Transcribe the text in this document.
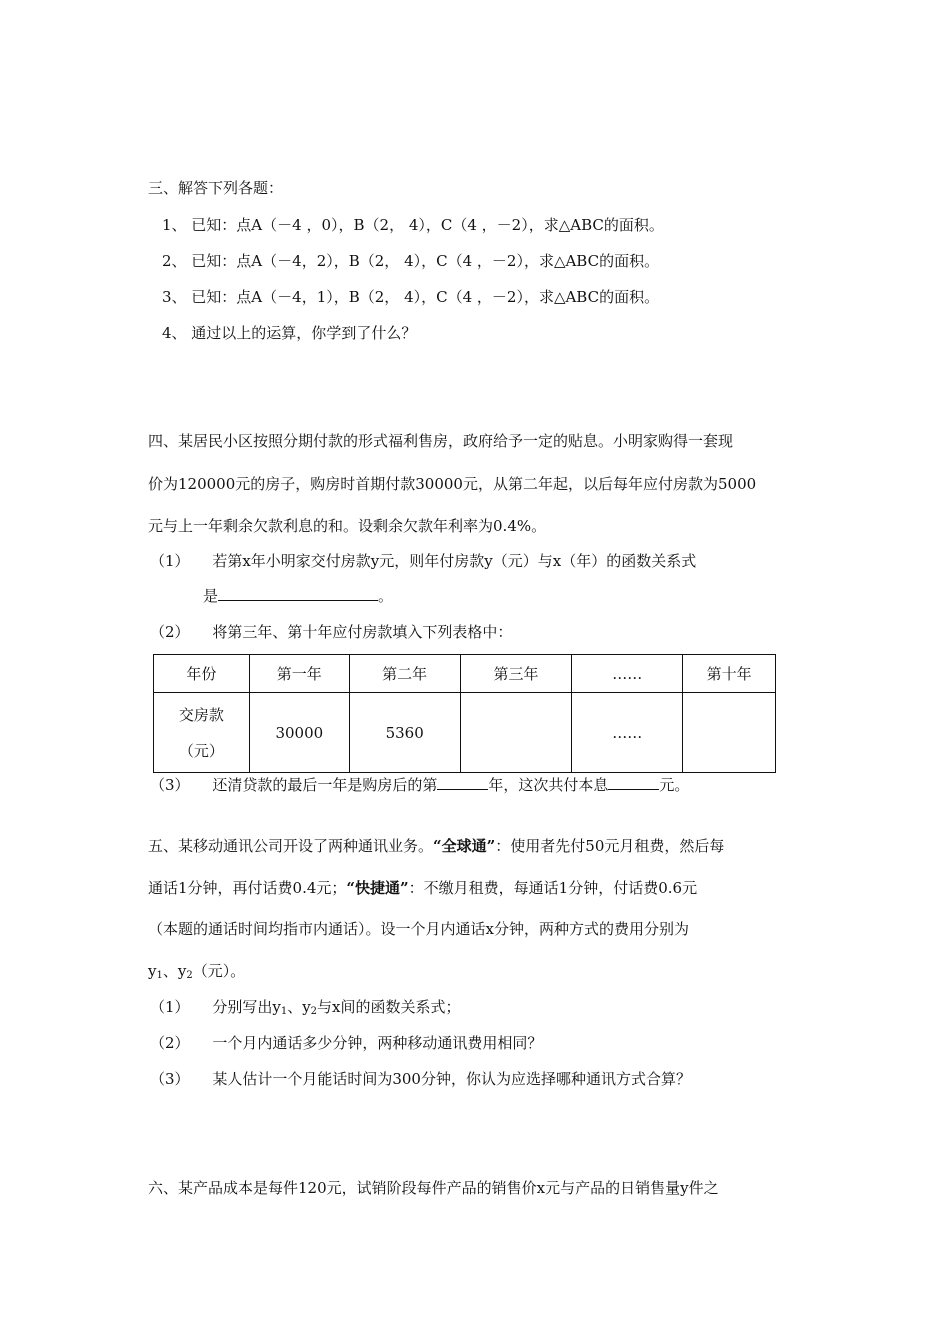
三、解答下列各题：
1、 已知：点A（－4 ，0），B（2， 4），C（4 ，－2），求△ABC的面积。
2、 已知：点A（－4，2），B（2， 4），C（4 ，－2），求△ABC的面积。
3、 已知：点A（－4，1），B（2， 4），C（4 ，－2），求△ABC的面积。
4、 通过以上的运算，你学到了什么？
四、某居民小区按照分期付款的形式福利售房，政府给予一定的贴息。小明家购得一套现
价为120000元的房子，购房时首期付款30000元，从第二年起，以后每年应付房款为5000
元与上一年剩余欠款利息的和。设剩余欠款年利率为0.4%。
（1） 若第x年小明家交付房款y元，则年付房款y（元）与x（年）的函数关系式
是	。
（2） 将第三年、第十年应付房款填入下列表格中：
年份	第一年	第二年	第三年	……	第十年

交房款
（元）	30000	5360		……	
（3） 还清贷款的最后一年是购房后的第	年，这次共付本息	元。
五、某移动通讯公司开设了两种通讯业务。“全球通”：使用者先付50元月租费，然后每
通话1分钟，再付话费0.4元；“快捷通”：不缴月租费，每通话1分钟，付话费0.6元
（本题的通话时间均指市内通话）。设一个月内通话x分钟，两种方式的费用分别为
$y_1$、$y_2$（元）。
（1） 分别写出$y_1$、$y_2$与x间的函数关系式；
（2） 一个月内通话多少分钟，两种移动通讯费用相同？
（3） 某人估计一个月能话时间为300分钟，你认为应选择哪种通讯方式合算？
六、某产品成本是每件120元，试销阶段每件产品的销售价x元与产品的日销售量y件之
